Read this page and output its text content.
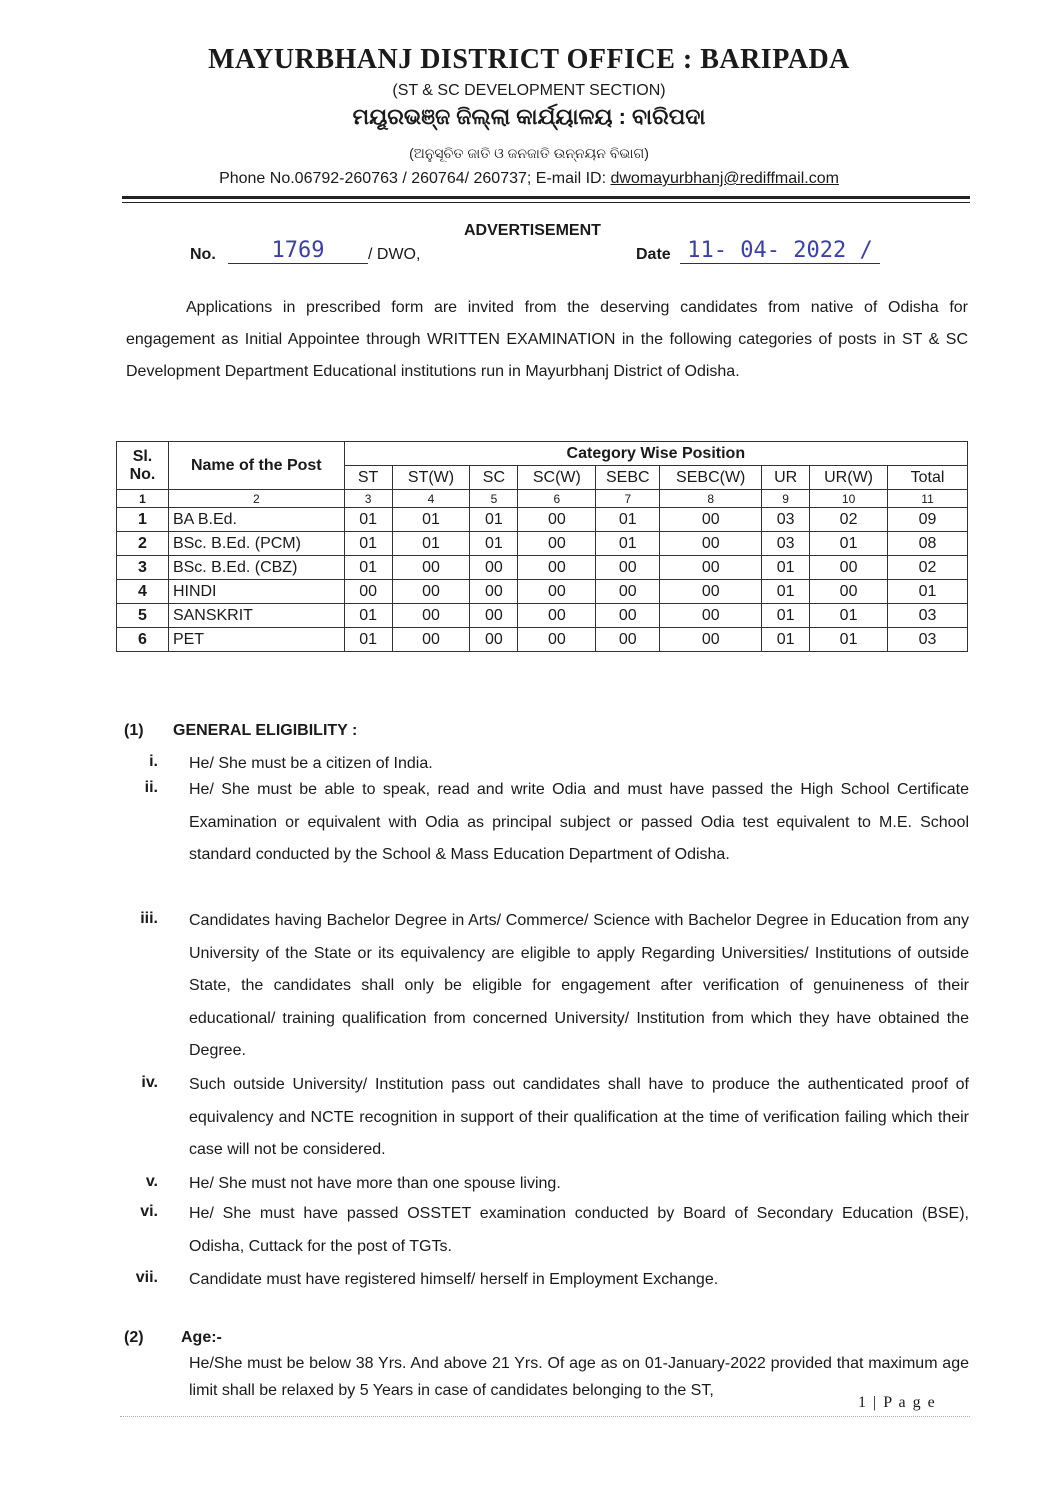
MAYURBHANJ DISTRICT OFFICE : BARIPADA
(ST & SC DEVELOPMENT SECTION)
ମୟୂରଭଞ୍ଜ ଜିଲ୍ଲା କାର୍ଯ୍ୟାଳୟ : ବାରିପଦା
(ଅନୁସୂଚିତ ଜାତି ଓ ଜନଜାତି ଉନ୍ନୟନ ବିଭାଗ)
Phone No.06792-260763 / 260764/ 260737; E-mail ID: dwomayurbhanj@rediffmail.com
ADVERTISEMENT
No.	1769	/ DWO,	Date 11- 04- 2022 /
Applications in prescribed form are invited from the deserving candidates from native of Odisha for engagement as Initial Appointee through WRITTEN EXAMINATION in the following categories of posts in ST & SC Development Department Educational institutions run in Mayurbhanj District of Odisha.
Sl. No.	Name of the Post	Category Wise Position								
		ST	ST(W)	SC	SC(W)	SEBC	SEBC(W)	UR	UR(W)	Total
1	2	3	4	5	6	7	8	9	10	11
1	BA B.Ed.	01	01	01	00	01	00	03	02	09
2	BSc. B.Ed. (PCM)	01	01	01	00	01	00	03	01	08
3	BSc. B.Ed. (CBZ)	01	00	00	00	00	00	01	00	02
4	HINDI	00	00	00	00	00	00	01	00	01
5	SANSKRIT	01	00	00	00	00	00	01	01	03
6	PET	01	00	00	00	00	00	01	01	03
(1) GENERAL ELIGIBILITY :
i. He/ She must be a citizen of India.
ii. He/ She must be able to speak, read and write Odia and must have passed the High School Certificate Examination or equivalent with Odia as principal subject or passed Odia test equivalent to M.E. School standard conducted by the School & Mass Education Department of Odisha.
iii. Candidates having Bachelor Degree in Arts/ Commerce/ Science with Bachelor Degree in Education from any University of the State or its equivalency are eligible to apply Regarding Universities/ Institutions of outside State, the candidates shall only be eligible for engagement after verification of genuineness of their educational/ training qualification from concerned University/ Institution from which they have obtained the Degree.
iv. Such outside University/ Institution pass out candidates shall have to produce the authenticated proof of equivalency and NCTE recognition in support of their qualification at the time of verification failing which their case will not be considered.
v. He/ She must not have more than one spouse living.
vi. He/ She must have passed OSSTET examination conducted by Board of Secondary Education (BSE), Odisha, Cuttack for the post of TGTs.
vii. Candidate must have registered himself/ herself in Employment Exchange.
(2) Age:-
He/She must be below 38 Yrs. And above 21 Yrs. Of age as on 01-January-2022 provided that maximum age limit shall be relaxed by 5 Years in case of candidates belonging to the ST,
1 | P a g e
